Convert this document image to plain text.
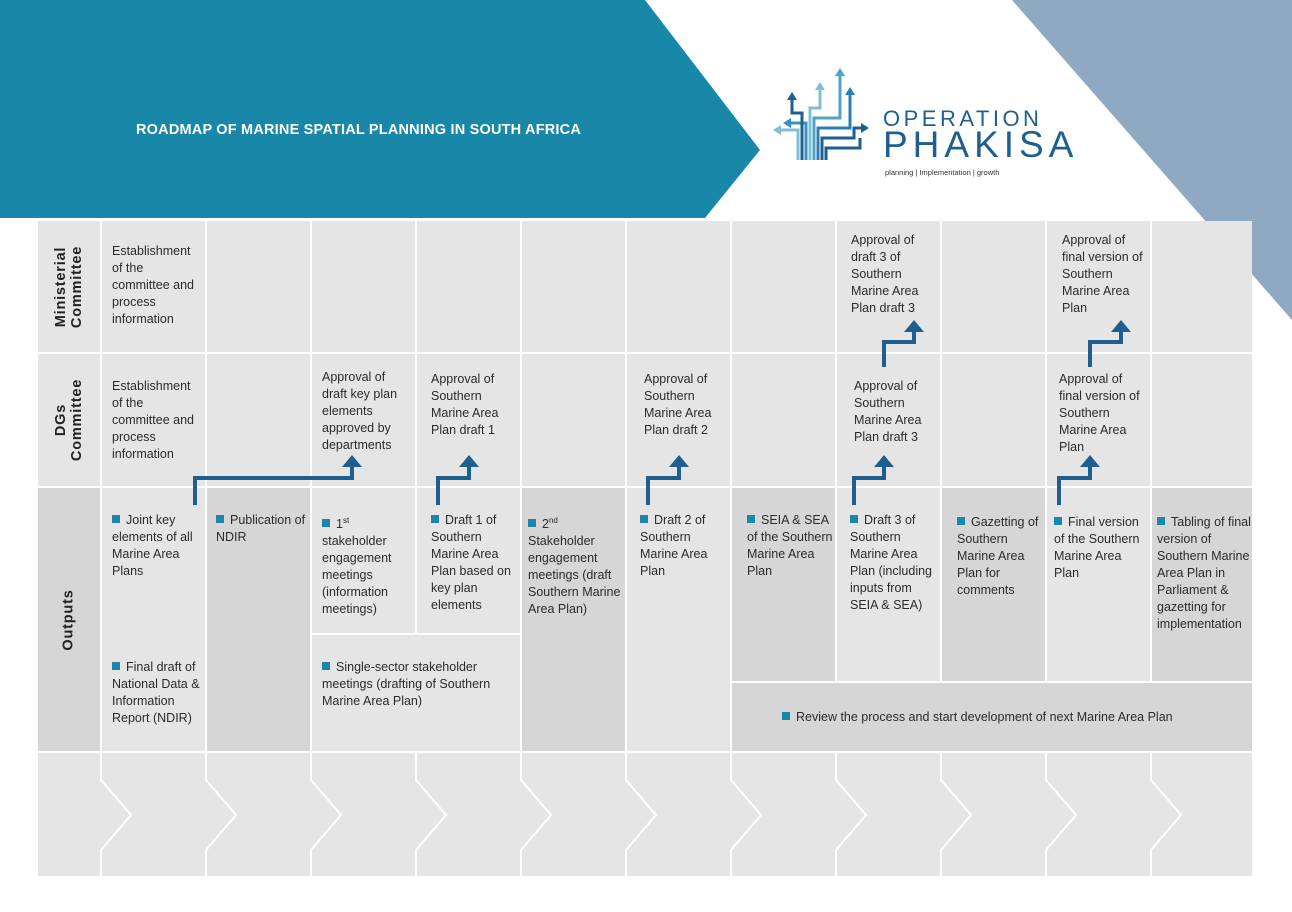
ROADMAP OF MARINE SPATIAL PLANNING IN SOUTH AFRICA	OPERATION
PHAKISA
planning | Implementation | growth
Ministerial Committee
DGs Committee
Outputs
Establishment of the committee and process information
Approval of draft 3 of Southern Marine Area Plan draft 3
Approval of final version of Southern Marine Area Plan
Establishment of the committee and process information
Approval of draft key plan elements approved by departments
Approval of Southern Marine Area Plan draft 1
Approval of Southern Marine Area Plan draft 2
Approval of Southern Marine Area Plan draft 3
Approval of final version of Southern Marine Area Plan
Joint key elements of all Marine Area Plans
Final draft of National Data & Information Report (NDIR)
Publication of NDIR
1st stakeholder engagement meetings (information meetings)
Draft 1 of Southern Marine Area Plan based on key plan elements
Single-sector stakeholder meetings (drafting of Southern Marine Area Plan)
2nd Stakeholder engagement meetings (draft Southern Marine Area Plan)
Draft 2 of Southern Marine Area Plan
SEIA & SEA of the Southern Marine Area Plan
Draft 3 of Southern Marine Area Plan (including inputs from SEIA & SEA)
Gazetting of Southern Marine Area Plan for comments
Final version of the Southern Marine Area Plan
Tabling of final version of Southern Marine Area Plan in Parliament & gazetting for implementation
Review the process and start development of next Marine Area Plan
